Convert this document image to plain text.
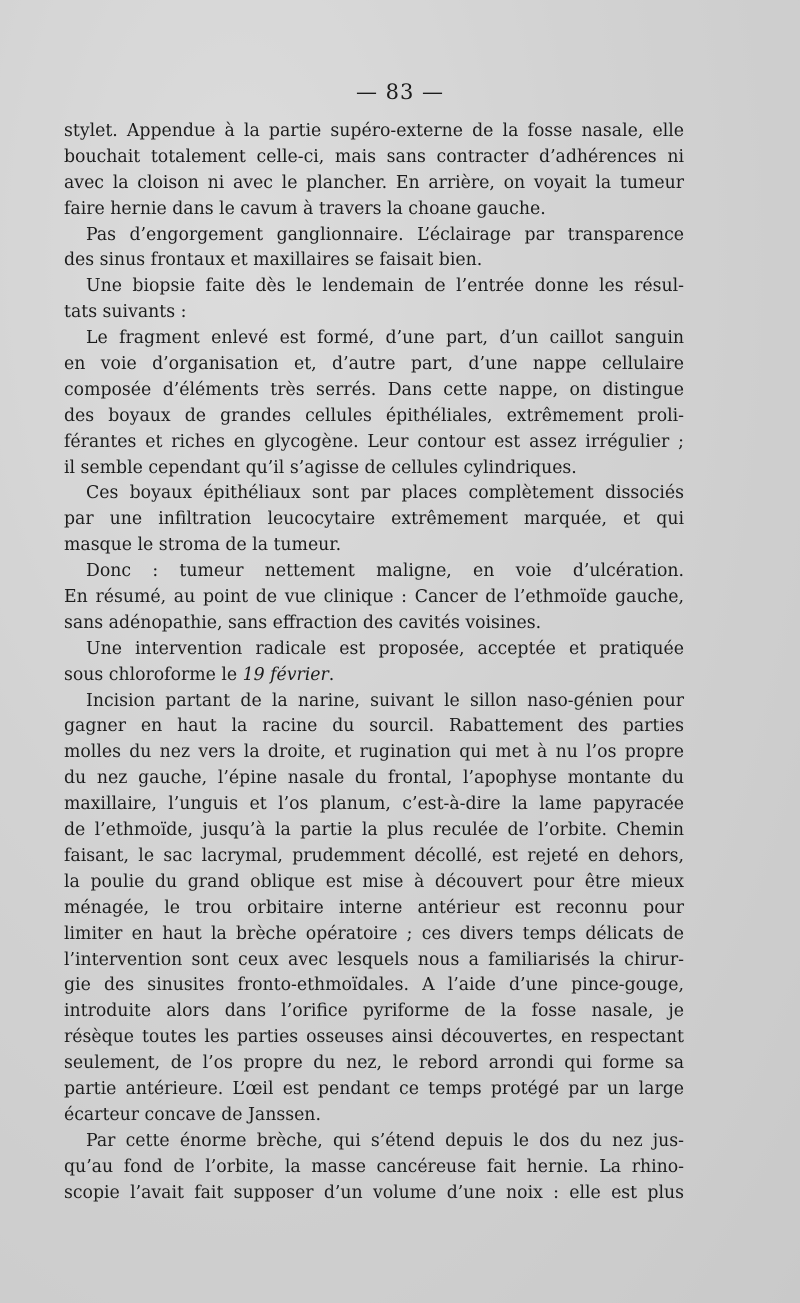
— 83 —
stylet. Appendue à la partie supéro-externe de la fosse nasale, elle
bouchait totalement celle-ci, mais sans contracter d’adhérences ni
avec la cloison ni avec le plancher. En arrière, on voyait la tumeur
faire hernie dans le cavum à travers la choane gauche.
Pas d’engorgement ganglionnaire. L’éclairage par transparence
des sinus frontaux et maxillaires se faisait bien.
Une biopsie faite dès le lendemain de l’entrée donne les résul-
tats suivants :
Le fragment enlevé est formé, d’une part, d’un caillot sanguin
en voie d’organisation et, d’autre part, d’une nappe cellulaire
composée d’éléments très serrés. Dans cette nappe, on distingue
des boyaux de grandes cellules épithéliales, extrêmement proli-
férantes et riches en glycogène. Leur contour est assez irrégulier ;
il semble cependant qu’il s’agisse de cellules cylindriques.
Ces boyaux épithéliaux sont par places complètement dissociés
par une infiltration leucocytaire extrêmement marquée, et qui
masque le stroma de la tumeur.
Donc : tumeur nettement maligne, en voie d’ulcération.
En résumé, au point de vue clinique : Cancer de l’ethmoïde gauche,
sans adénopathie, sans effraction des cavités voisines.
Une intervention radicale est proposée, acceptée et pratiquée
sous chloroforme le 19 février.
Incision partant de la narine, suivant le sillon naso-génien pour
gagner en haut la racine du sourcil. Rabattement des parties
molles du nez vers la droite, et rugination qui met à nu l’os propre
du nez gauche, l’épine nasale du frontal, l’apophyse montante du
maxillaire, l’unguis et l’os planum, c’est-à-dire la lame papyracée
de l’ethmoïde, jusqu’à la partie la plus reculée de l’orbite. Chemin
faisant, le sac lacrymal, prudemment décollé, est rejeté en dehors,
la poulie du grand oblique est mise à découvert pour être mieux
ménagée, le trou orbitaire interne antérieur est reconnu pour
limiter en haut la brèche opératoire ; ces divers temps délicats de
l’intervention sont ceux avec lesquels nous a familiarisés la chirur-
gie des sinusites fronto-ethmoïdales. A l’aide d’une pince-gouge,
introduite alors dans l’orifice pyriforme de la fosse nasale, je
résèque toutes les parties osseuses ainsi découvertes, en respectant
seulement, de l’os propre du nez, le rebord arrondi qui forme sa
partie antérieure. L’œil est pendant ce temps protégé par un large
écarteur concave de Janssen.
Par cette énorme brèche, qui s’étend depuis le dos du nez jus-
qu’au fond de l’orbite, la masse cancéreuse fait hernie. La rhino-
scopie l’avait fait supposer d’un volume d’une noix : elle est plus
